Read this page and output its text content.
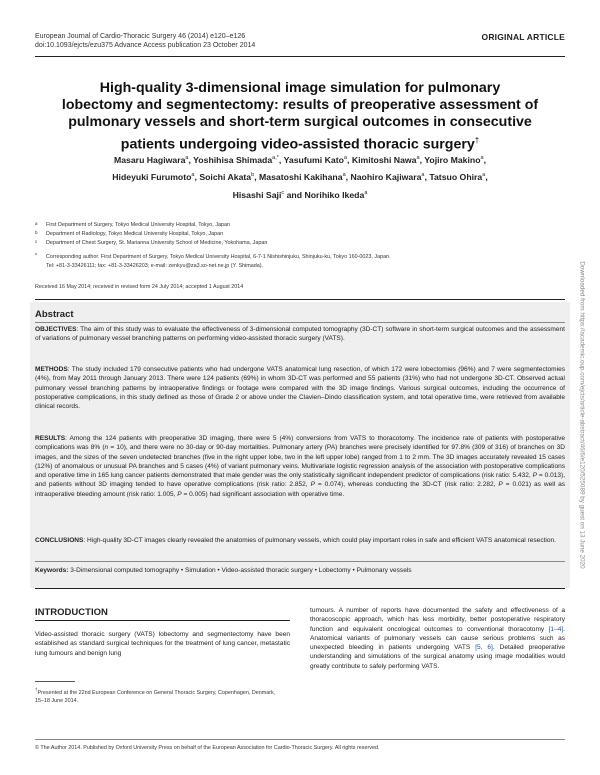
European Journal of Cardio-Thoracic Surgery 46 (2014) e120–e126
doi:10.1093/ejcts/ezu375 Advance Access publication 23 October 2014
ORIGINAL ARTICLE
High-quality 3-dimensional image simulation for pulmonary
lobectomy and segmentectomy: results of preoperative assessment of
pulmonary vessels and short-term surgical outcomes in consecutive
patients undergoing video-assisted thoracic surgery†
Masaru Hagiwara$^a$, Yoshihisa Shimada$^{a,*}$, Yasufumi Kato$^a$, Kimitoshi Nawa$^a$, Yojiro Makino$^a$,
Hideyuki Furumoto$^a$, Soichi Akata$^b$, Masatoshi Kakihana$^a$, Naohiro Kajiwara$^a$, Tatsuo Ohira$^a$,
Hisashi Saji$^c$ and Norihiko Ikeda$^a$
a First Department of Surgery, Tokyo Medical University Hospital, Tokyo, Japan
b Department of Radiology, Tokyo Medical University Hospital, Tokyo, Japan
c Department of Chest Surgery, St. Marianna University School of Medicine, Yokohama, Japan
* Corresponding author. First Department of Surgery, Tokyo Medical University Hospital, 6-7-1 Nishishinjuku, Shinjuku-ku, Tokyo 160-0023, Japan.
Tel: +81-3-33426111; fax: +81-3-33426203; e-mail: zenkyu@za3.so-net.ne.jp (Y. Shimada).
Received 16 May 2014; received in revised form 24 July 2014; accepted 1 August 2014
Abstract
OBJECTIVES: The aim of this study was to evaluate the effectiveness of 3-dimensional computed tomography (3D-CT) software in short-term surgical outcomes and the assessment of variations of pulmonary vessel branching patterns on performing video-assisted thoracic surgery (VATS).
METHODS: The study included 179 consecutive patients who had undergone VATS anatomical lung resection, of which 172 were lobectomies (96%) and 7 were segmentectomies (4%), from May 2011 through January 2013. There were 124 patients (69%) in whom 3D-CT was performed and 55 patients (31%) who had not undergone 3D-CT. Observed actual pulmonary vessel branching patterns by intraoperative findings or footage were compared with the 3D image findings. Various surgical outcomes, including the occurrence of postoperative complications, in this study defined as those of Grade 2 or above under the Clavien–Dindo classification system, and total operative time, were retrieved from available clinical records.
RESULTS: Among the 124 patients with preoperative 3D imaging, there were 5 (4%) conversions from VATS to thoracotomy. The incidence rate of patients with postoperative complications was 8% (n = 10), and there were no 30-day or 90-day mortalities. Pulmonary artery (PA) branches were precisely identified for 97.8% (309 of 316) of branches on 3D images, and the sizes of the seven undetected branches (five in the right upper lobe, two in the left upper lobe) ranged from 1 to 2 mm. The 3D images accurately revealed 15 cases (12%) of anomalous or unusual PA branches and 5 cases (4%) of variant pulmonary veins. Multivariate logistic regression analysis of the association with postoperative complications and operative time in 165 lung cancer patients demonstrated that male gender was the only statistically significant independent predictor of complications (risk ratio: 5.432, P = 0.013), and patients without 3D imaging tended to have operative complications (risk ratio: 2.852, P = 0.074), whereas conducting the 3D-CT (risk ratio: 2.282, P = 0.021) as well as intraoperative bleeding amount (risk ratio: 1.005, P = 0.005) had significant association with operative time.
CONCLUSIONS: High-quality 3D-CT images clearly revealed the anatomies of pulmonary vessels, which could play important roles in safe and efficient VATS anatomical resection.
Keywords: 3-Dimensional computed tomography • Simulation • Video-assisted thoracic surgery • Lobectomy • Pulmonary vessels
INTRODUCTION
Video-assisted thoracic surgery (VATS) lobectomy and segmentectomy have been established as standard surgical techniques for the treatment of lung cancer, metastatic lung tumours and benign lung
tumours. A number of reports have documented the safety and effectiveness of a thoracoscopic approach, which has less morbidity, better postoperative respiratory function and equivalent oncological outcomes to conventional thoracotomy [1–4]. Anatomical variants of pulmonary vessels can cause serious problems such as unexpected bleeding in patients undergoing VATS [5, 6]. Detailed preoperative understanding and simulations of the surgical anatomy using image modalities would greatly contribute to safely performing VATS.
†Presented at the 22nd European Conference on General Thoracic Surgery, Copenhagen, Denmark, 15–18 June 2014.
© The Author 2014. Published by Oxford University Press on behalf of the European Association for Cardio-Thoracic Surgery. All rights reserved.
Downloaded from https://academic.oup.com/ejcts/article-abstract/46/6/e120/525089 by guest on 13 June 2020
